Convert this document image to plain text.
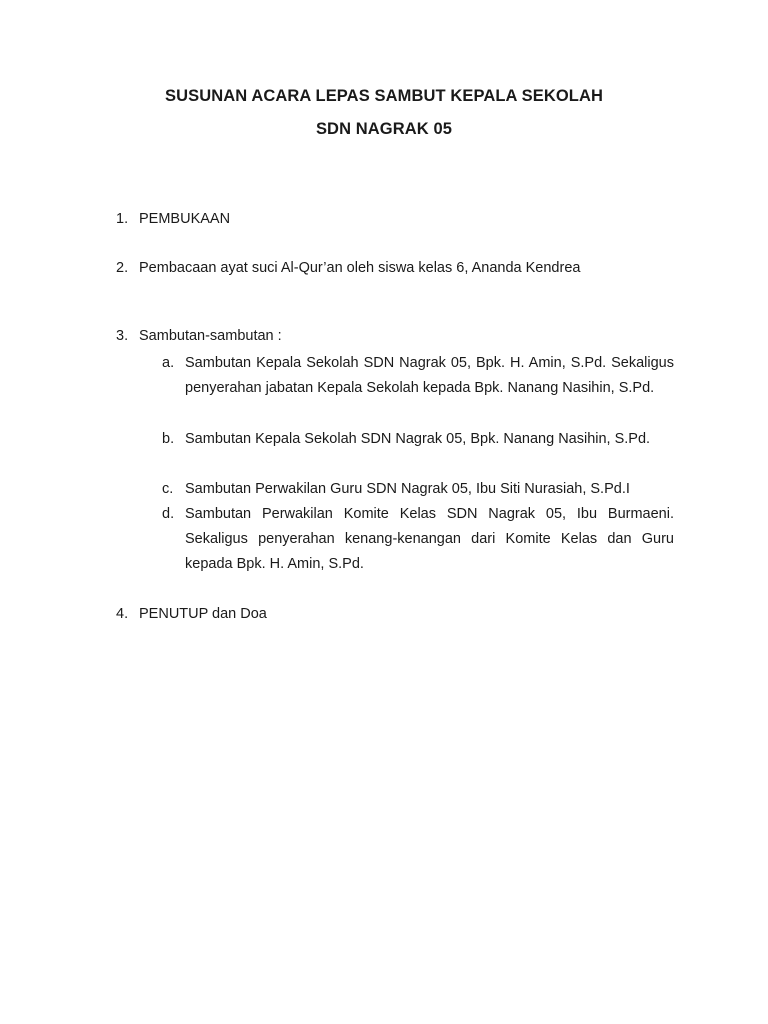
SUSUNAN ACARA LEPAS SAMBUT KEPALA SEKOLAH
SDN NAGRAK 05
1. PEMBUKAAN
2. Pembacaan ayat suci Al-Qur’an oleh siswa kelas 6, Ananda Kendrea
3. Sambutan-sambutan :
a. Sambutan Kepala Sekolah SDN Nagrak 05, Bpk. H. Amin, S.Pd. Sekaligus penyerahan jabatan Kepala Sekolah kepada Bpk. Nanang Nasihin, S.Pd.
b. Sambutan Kepala Sekolah SDN Nagrak 05, Bpk. Nanang Nasihin, S.Pd.
c. Sambutan Perwakilan Guru SDN Nagrak 05, Ibu Siti Nurasiah, S.Pd.I
d. Sambutan Perwakilan Komite Kelas SDN Nagrak 05, Ibu Burmaeni. Sekaligus penyerahan kenang-kenangan dari Komite Kelas dan Guru kepada Bpk. H. Amin, S.Pd.
4. PENUTUP dan Doa
